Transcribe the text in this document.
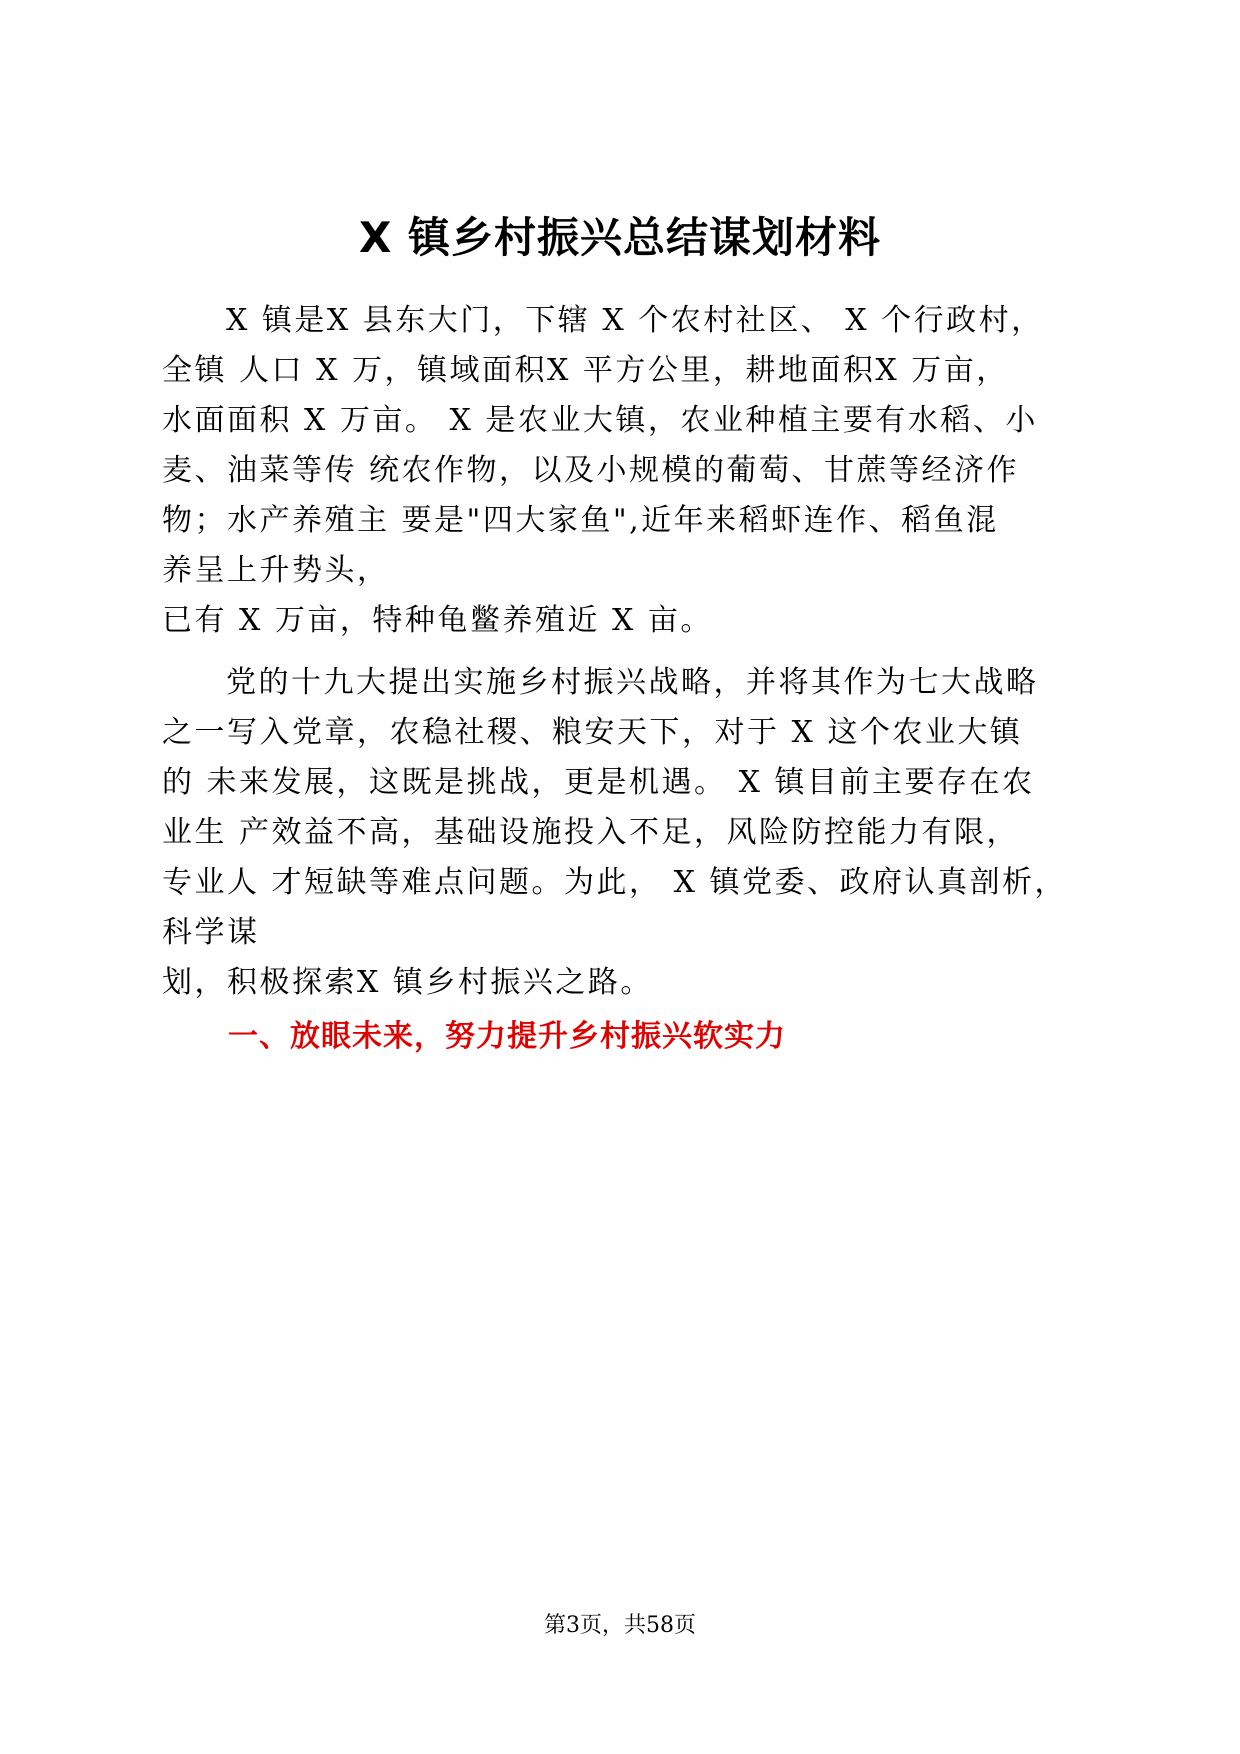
X 镇乡村振兴总结谋划材料
X 镇是X 县东大门，下辖 X 个农村社区、 X 个行政村，
全镇 人口 X 万，镇域面积X 平方公里，耕地面积X 万亩，
水面面积 X 万亩。 X 是农业大镇，农业种植主要有水稻、小
麦、油菜等传 统农作物，以及小规模的葡萄、甘蔗等经济作
物；水产养殖主 要是"四大家鱼",近年来稻虾连作、稻鱼混
养呈上升势头，
已有 X 万亩，特种龟鳖养殖近 X 亩。
党的十九大提出实施乡村振兴战略，并将其作为七大战略
之一写入党章，农稳社稷、粮安天下，对于 X 这个农业大镇
的 未来发展，这既是挑战，更是机遇。 X 镇目前主要存在农
业生 产效益不高，基础设施投入不足，风险防控能力有限，
专业人 才短缺等难点问题。为此， X 镇党委、政府认真剖析，
科学谋
划，积极探索X 镇乡村振兴之路。
一、放眼未来，努力提升乡村振兴软实力
第3页，共58页
